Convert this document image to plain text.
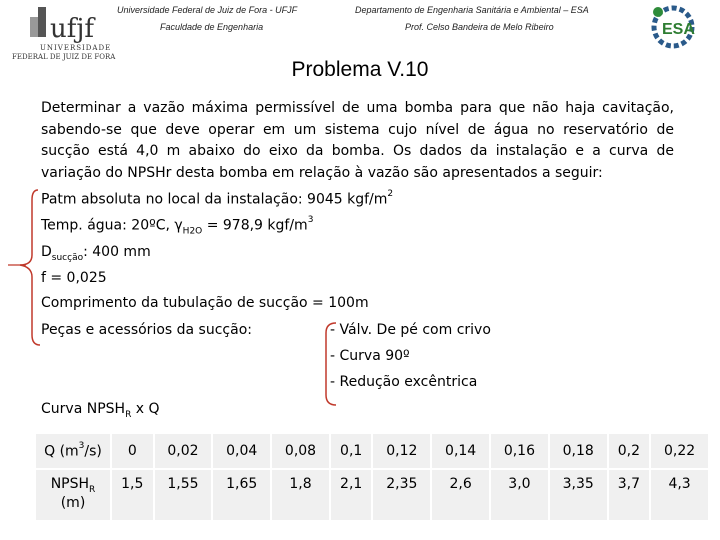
ufjf
UNIVERSIDADE
FEDERAL DE JUIZ DE FORA
Universidade Federal de Juiz de Fora - UFJF
Faculdade de Engenharia
Departamento de Engenharia Sanitária e Ambiental – ESA
Prof. Celso Bandeira de Melo Ribeiro	ESA
Problema V.10
Determinar a vazão máxima permissível de uma bomba para que não haja cavitação, sabendo-se que deve operar em um sistema cujo nível de água no reservatório de sucção está 4,0 m abaixo do eixo da bomba. Os dados da instalação e a curva de variação do NPSHr desta bomba em relação à vazão são apresentados a seguir:
Patm absoluta no local da instalação: 9045 kgf/$m^2$
Temp. água: 20ºC, $\gamma_{H2O} = 978,9$ kgf/$m^3$
$D_{sucção}$: 400 mm
f = 0,025
Comprimento da tubulação de sucção = 100m
Peças e acessórios da sucção:	- Válv. De pé com crivo
- Curva 90º
- Redução excêntrica
Curva $NPSH_R$ x Q
Q $(m^3/s)$	0	0,02	0,04	0,08	0,1	0,12	0,14	0,16	0,18	0,2	0,22
$NPSH_R$
(m)	1,5	1,55	1,65	1,8	2,1	2,35	2,6	3,0	3,35	3,7	4,3
